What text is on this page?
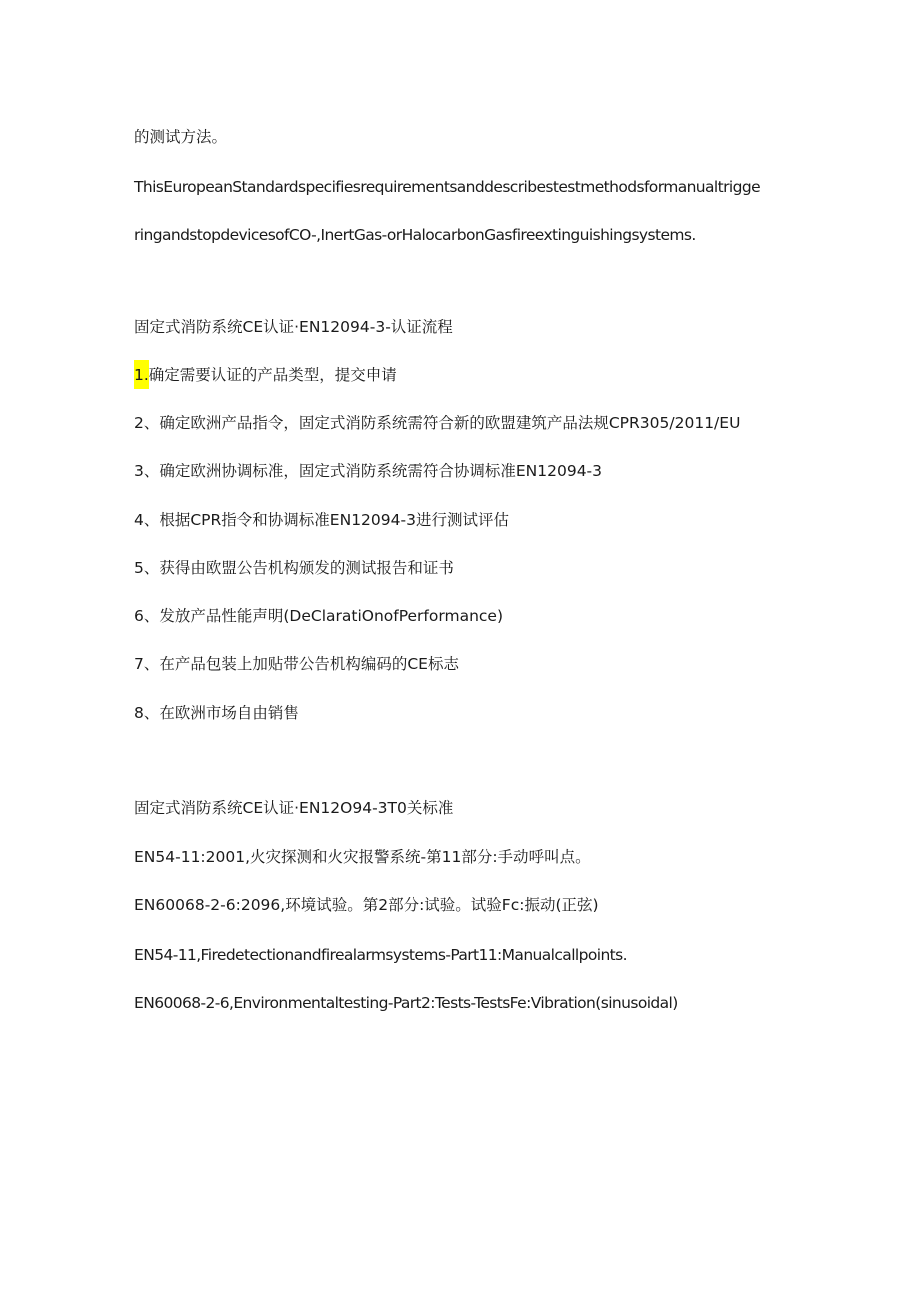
的测试方法。

ThisEuropeanStandardspecifiesrequirementsanddescribestestmethodsformanualtrigge

ringandstopdevicesofCO-,InertGas-orHalocarbonGasfireextinguishingsystems.

固定式消防系统CE认证·EN12094-3-认证流程

1.确定需要认证的产品类型，提交申请

2、确定欧洲产品指令，固定式消防系统需符合新的欧盟建筑产品法规CPR305/2011/EU

3、确定欧洲协调标准，固定式消防系统需符合协调标准EN12094-3

4、根据CPR指令和协调标准EN12094-3进行测试评估

5、获得由欧盟公告机构颁发的测试报告和证书

6、发放产品性能声明(DeClaratiOnofPerformance)

7、在产品包装上加贴带公告机构编码的CE标志

8、在欧洲市场自由销售

固定式消防系统CE认证·EN12O94-3T0关标准

EN54-11:2001,火灾探测和火灾报警系统-第11部分:手动呼叫点。

EN60068-2-6:2096,环境试验。第2部分:试验。试验Fc:振动(正弦)

EN54-11,Firedetectionandfirealarmsystems-Part11:Manualcallpoints.

EN60068-2-6,Environmentaltesting-Part2:Tests-TestsFe:Vibration(sinusoidal)
